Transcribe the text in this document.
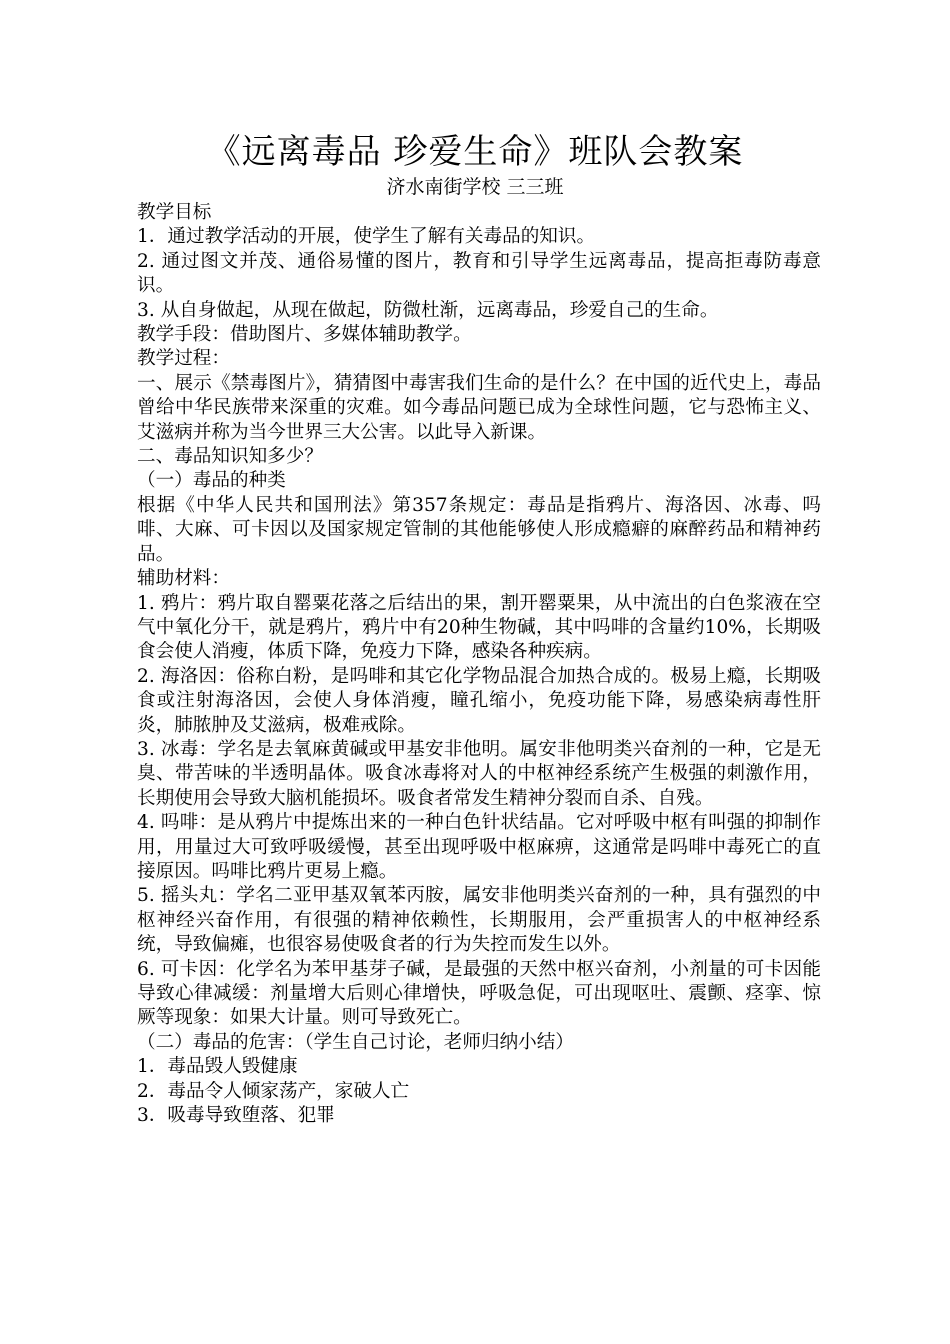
《远离毒品 珍爱生命》班队会教案
济水南街学校 三三班

教学目标

1．通过教学活动的开展，使学生了解有关毒品的知识。

2. 通过图文并茂、通俗易懂的图片，教育和引导学生远离毒品，提高拒毒防毒意识。

3. 从自身做起，从现在做起，防微杜渐，远离毒品，珍爱自己的生命。

教学手段：借助图片、多媒体辅助教学。

教学过程：

一、展示《禁毒图片》，猜猜图中毒害我们生命的是什么？在中国的近代史上，毒品曾给中华民族带来深重的灾难。如今毒品问题已成为全球性问题，它与恐怖主义、艾滋病并称为当今世界三大公害。以此导入新课。

二、毒品知识知多少？

（一）毒品的种类

根据《中华人民共和国刑法》第357条规定：毒品是指鸦片、海洛因、冰毒、吗啡、大麻、可卡因以及国家规定管制的其他能够使人形成瘾癖的麻醉药品和精神药品。

辅助材料：

1. 鸦片：鸦片取自罂粟花落之后结出的果，割开罂粟果，从中流出的白色浆液在空气中氧化分干，就是鸦片，鸦片中有20种生物碱，其中吗啡的含量约10%，长期吸食会使人消瘦，体质下降，免疫力下降，感染各种疾病。

2. 海洛因：俗称白粉，是吗啡和其它化学物品混合加热合成的。极易上瘾，长期吸食或注射海洛因，会使人身体消瘦，瞳孔缩小，免疫功能下降，易感染病毒性肝炎，肺脓肿及艾滋病，极难戒除。

3. 冰毒：学名是去氧麻黄碱或甲基安非他明。属安非他明类兴奋剂的一种，它是无臭、带苦味的半透明晶体。吸食冰毒将对人的中枢神经系统产生极强的刺激作用，长期使用会导致大脑机能损坏。吸食者常发生精神分裂而自杀、自残。

4. 吗啡：是从鸦片中提炼出来的一种白色针状结晶。它对呼吸中枢有叫强的抑制作用，用量过大可致呼吸缓慢，甚至出现呼吸中枢麻痹，这通常是吗啡中毒死亡的直接原因。吗啡比鸦片更易上瘾。

5. 摇头丸：学名二亚甲基双氧苯丙胺，属安非他明类兴奋剂的一种，具有强烈的中枢神经兴奋作用，有很强的精神依赖性，长期服用，会严重损害人的中枢神经系统，导致偏瘫，也很容易使吸食者的行为失控而发生以外。

6. 可卡因：化学名为苯甲基芽子碱，是最强的天然中枢兴奋剂，小剂量的可卡因能导致心律减缓：剂量增大后则心律增快，呼吸急促，可出现呕吐、震颤、痉挛、惊厥等现象：如果大计量。则可导致死亡。

（二）毒品的危害：（学生自己讨论，老师归纳小结）

1．毒品毁人毁健康

2．毒品令人倾家荡产，家破人亡

3．吸毒导致堕落、犯罪
